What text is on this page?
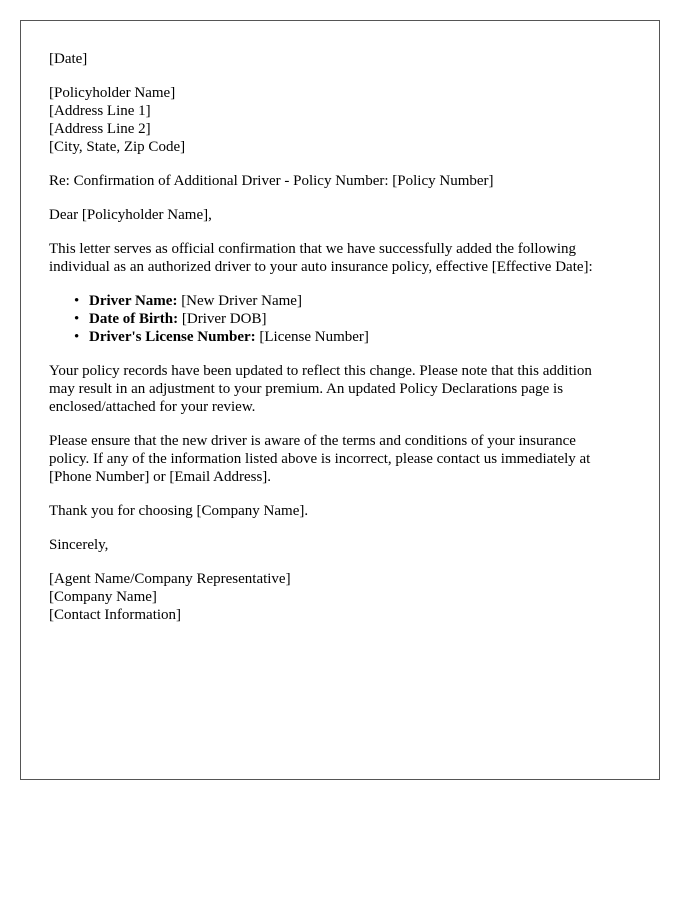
[Date]
[Policyholder Name]
[Address Line 1]
[Address Line 2]
[City, State, Zip Code]

Re: Confirmation of Additional Driver - Policy Number: [Policy Number]

Dear [Policyholder Name],

This letter serves as official confirmation that we have successfully added the following
individual as an authorized driver to your auto insurance policy, effective [Effective Date]:

• Driver Name: [New Driver Name]
• Date of Birth: [Driver DOB]
• Driver's License Number: [License Number]

Your policy records have been updated to reflect this change. Please note that this addition
may result in an adjustment to your premium. An updated Policy Declarations page is
enclosed/attached for your review.

Please ensure that the new driver is aware of the terms and conditions of your insurance
policy. If any of the information listed above is incorrect, please contact us immediately at
[Phone Number] or [Email Address].

Thank you for choosing [Company Name].

Sincerely,

[Agent Name/Company Representative]
[Company Name]
[Contact Information]
